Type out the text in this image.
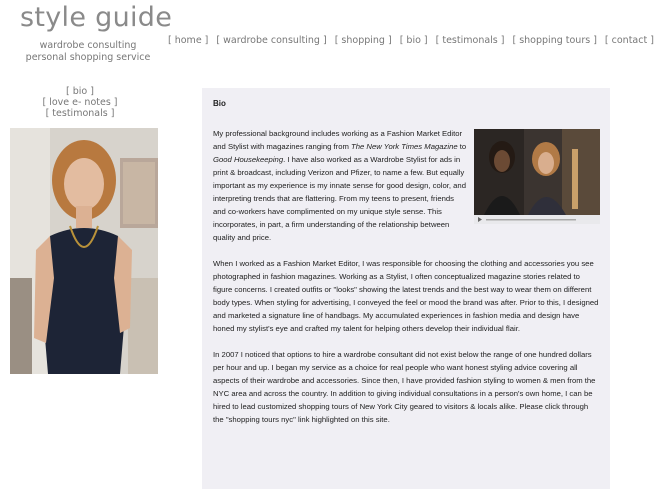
style guide
wardrobe consulting
personal shopping service
[ home ] [ wardrobe consulting ] [ shopping ] [ bio ] [ testimonals ] [ shopping tours ] [ contact ]
[ bio ]
[ love e- notes ]
[ testimonals ]
Bio

My professional background includes working as a Fashion Market Editor and Stylist with magazines ranging from The New York Times Magazine to Good Housekeeping. I have also worked as a Wardrobe Stylist for ads in print & broadcast, including Verizon and Pfizer, to name a few. But equally important as my experience is my innate sense for good design, color, and interpreting trends that are flattering. From my teens to present, friends and co-workers have complimented on my unique style sense. This incorporates, in part, a firm understanding of the relationship between quality and price.

When I worked as a Fashion Market Editor, I was responsible for choosing the clothing and accessories you see photographed in fashion magazines. Working as a Stylist, I often conceptualized magazine stories related to figure concerns. I created outfits or "looks" showing the latest trends and the best way to wear them on different body types. When styling for advertising, I conveyed the feel or mood the brand was after. Prior to this, I designed and marketed a signature line of handbags. My accumulated experiences in fashion media and design have honed my stylist's eye and crafted my talent for helping others develop their individual flair.

In 2007 I noticed that options to hire a wardrobe consultant did not exist below the range of one hundred dollars per hour and up. I began my service as a choice for real people who want honest styling advice covering all aspects of their wardrobe and accessories. Since then, I have provided fashion styling to women & men from the NYC area and across the country. In addition to giving individual consultations in a person's own home, I can be hired to lead customized shopping tours of New York City geared to visitors & locals alike. Please click through the "shopping tours nyc" link highlighted on this site.
